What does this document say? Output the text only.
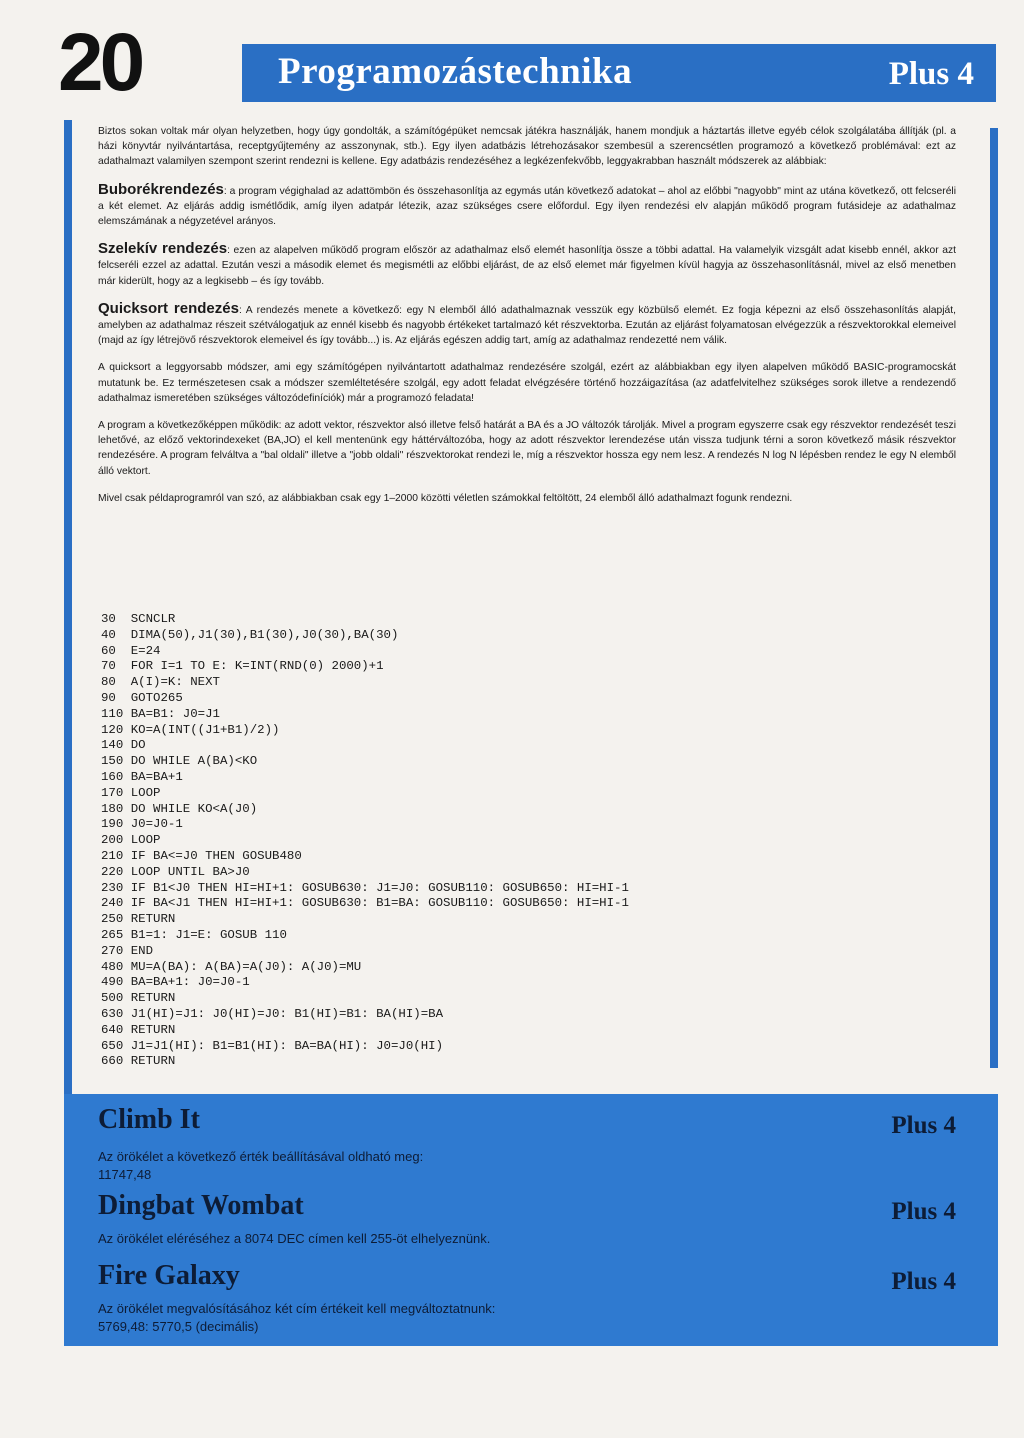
20	Programozástechnika	Plus 4

Biztos sokan voltak már olyan helyzetben, hogy úgy gondolták, a számítógépüket nemcsak játékra használják, hanem mondjuk a háztartás illetve egyéb célok szolgálatába állítják (pl. a házi könyvtár nyilvántartása, receptgyűjtemény az asszonynak, stb.). Egy ilyen adatbázis létrehozásakor szembesül a szerencsétlen programozó a következő problémával: ezt az adathalmazt valamilyen szempont szerint rendezni is kellene. Egy adatbázis rendezéséhez a legkézenfekvőbb, leggyakrabban használt módszerek az alábbiak:

Buborékrendezés: a program végighalad az adattömbön és összehasonlítja az egymás után következő adatokat – ahol az előbbi "nagyobb" mint az utána következő, ott felcseréli a két elemet. Az eljárás addig ismétlődik, amíg ilyen adatpár létezik, azaz szükséges csere előfordul. Egy ilyen rendezési elv alapján működő program futásideje az adathalmaz elemszámának a négyzetével arányos.

Szelekív rendezés: ezen az alapelven működő program először az adathalmaz első elemét hasonlítja össze a többi adattal. Ha valamelyik vizsgált adat kisebb ennél, akkor azt felcseréli ezzel az adattal. Ezután veszi a második elemet és megismétli az előbbi eljárást, de az első elemet már figyelmen kívül hagyja az összehasonlításnál, mivel az első menetben már kiderült, hogy az a legkisebb – és így tovább.

Quicksort rendezés: A rendezés menete a következő: egy N elemből álló adathalmaznak vesszük egy közbülső elemét. Ez fogja képezni az első összehasonlítás alapját, amelyben az adathalmaz részeit szétválogatjuk az ennél kisebb és nagyobb értékeket tartalmazó két részvektorba. Ezután az eljárást folyamatosan elvégezzük a részvektorokkal elemeivel (majd az így létrejövő részvektorok elemeivel és így tovább...) is. Az eljárás egészen addig tart, amíg az adathalmaz rendezetté nem válik.

A quicksort a leggyorsabb módszer, ami egy számítógépen nyilvántartott adathalmaz rendezésére szolgál, ezért az alábbiakban egy ilyen alapelven működő BASIC-programocskát mutatunk be. Ez természetesen csak a módszer szemléltetésére szolgál, egy adott feladat elvégzésére történő hozzáigazítása (az adatfelvitelhez szükséges sorok illetve a rendezendő adathalmaz ismeretében szükséges változódefiníciók) már a programozó feladata!

A program a következőképpen működik: az adott vektor, részvektor alsó illetve felső határát a BA és a JO változók tárolják. Mivel a program egyszerre csak egy részvektor rendezését teszi lehetővé, az előző vektorindexeket (BA,JO) el kell mentenünk egy háttérváltozóba, hogy az adott részvektor lerendezése után vissza tudjunk térni a soron következő másik részvektor rendezésére. A program felváltva a "bal oldali" illetve a "jobb oldali" részvektorokat rendezi le, míg a részvektor hossza egy nem lesz. A rendezés N log N lépésben rendez le egy N elemből álló vektort.

Mivel csak példaprogramról van szó, az alábbiakban csak egy 1–2000 közötti véletlen számokkal feltöltött, 24 elemből álló adathalmazt fogunk rendezni.

30  SCNCLR
40  DIMA(50),J1(30),B1(30),J0(30),BA(30)
60  E=24
70  FOR I=1 TO E: K=INT(RND(0) 2000)+1
80  A(I)=K: NEXT
90  GOTO265
110 BA=B1: J0=J1
120 KO=A(INT((J1+B1)/2))
140 DO
150 DO WHILE A(BA)<KO
160 BA=BA+1
170 LOOP
180 DO WHILE KO<A(J0)
190 J0=J0-1
200 LOOP
210 IF BA<=J0 THEN GOSUB480
220 LOOP UNTIL BA>J0
230 IF B1<J0 THEN HI=HI+1: GOSUB630: J1=J0: GOSUB110: GOSUB650: HI=HI-1
240 IF BA<J1 THEN HI=HI+1: GOSUB630: B1=BA: GOSUB110: GOSUB650: HI=HI-1
250 RETURN
265 B1=1: J1=E: GOSUB 110
270 END
480 MU=A(BA): A(BA)=A(J0): A(J0)=MU
490 BA=BA+1: J0=J0-1
500 RETURN
630 J1(HI)=J1: J0(HI)=J0: B1(HI)=B1: BA(HI)=BA
640 RETURN
650 J1=J1(HI): B1=B1(HI): BA=BA(HI): J0=J0(HI)
660 RETURN
Climb It	Plus 4
Az örökélet a következő érték beállításával oldható meg:
11747,48
Dingbat Wombat	Plus 4
Az örökélet eléréséhez a 8074 DEC címen kell 255-öt elhelyeznünk.
Fire Galaxy	Plus 4
Az örökélet megvalósításához két cím értékeit kell megváltoztatnunk:
5769,48: 5770,5 (decimális)
